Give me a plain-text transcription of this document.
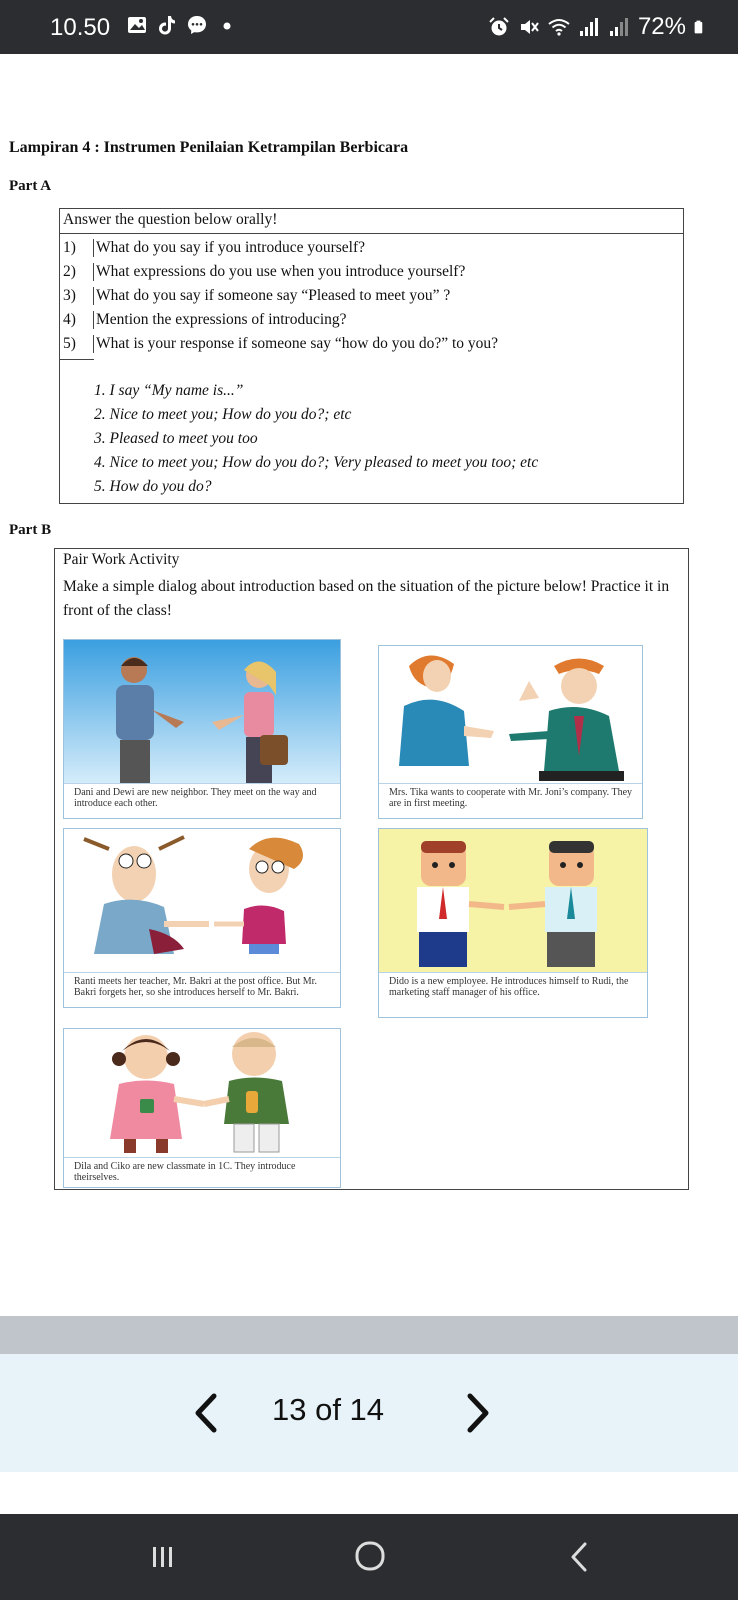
10.50	72%
Lampiran 4 : Instrumen Penilaian Ketrampilan Berbicara
Part A
Answer the question below orally!
1)	What do you say if you introduce yourself?
2)	What expressions do you use when you introduce yourself?
3)	What do you say if someone say “Pleased to meet you” ?
4)	Mention the expressions of introducing?
5)	What is your response if someone say “how do you do?” to you?
1. I say “My name is...”
2. Nice to meet you; How do you do?; etc
3. Pleased to meet you too
4. Nice to meet you; How do you do?; Very pleased to meet you too; etc
5. How do you do?
Part B
Pair Work Activity
Make a simple dialog about introduction based on the situation of the picture below! Practice it in front of the class!
Dani and Dewi are new neighbor. They meet on the way and introduce each other.
Mrs. Tika wants to cooperate with Mr. Joni’s company. They are in first meeting.
Ranti meets her teacher, Mr. Bakri at the post office. But Mr. Bakri forgets her, so she introduces herself to Mr. Bakri.
Dido is a new employee. He introduces himself to Rudi, the marketing staff manager of his office.
Dila and Ciko are new classmate in 1C. They introduce theirselves.
13 of 14
